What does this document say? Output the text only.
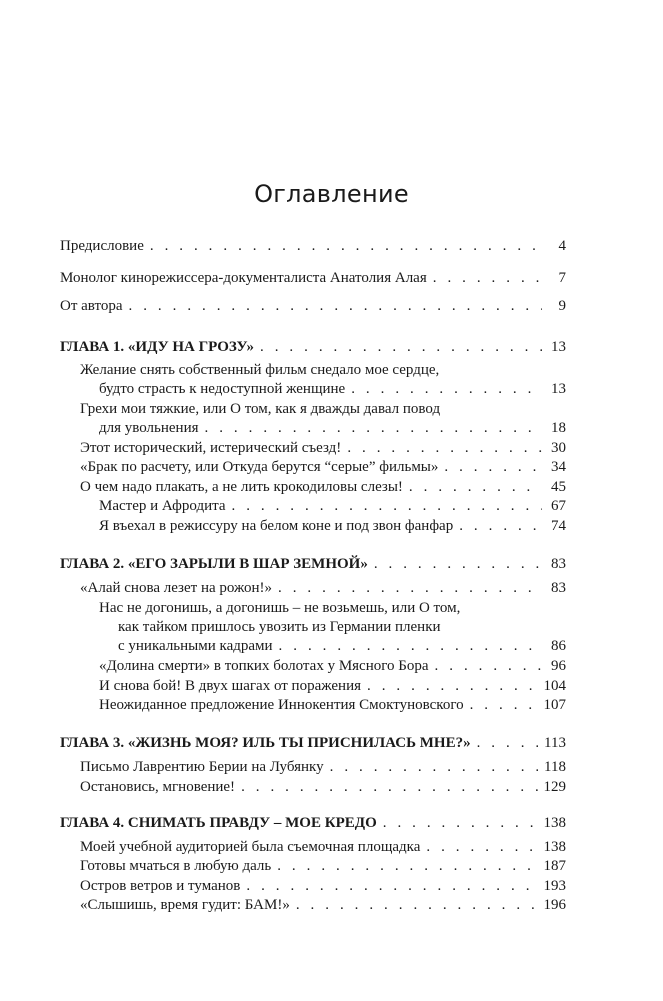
Оглавление
Предисловие . . .	4
Монолог кинорежиссера-документалиста Анатолия Алая . . .	7
От автора . . .	9
ГЛАВА 1. «ИДУ НА ГРОЗУ» . . .	13
Желание снять собственный фильм снедало мое сердце,
будто страсть к недоступной женщине . . .	13
Грехи мои тяжкие, или О том, как я дважды давал повод
для увольнения . . .	18
Этот исторический, истерический съезд! . . .	30
«Брак по расчету, или Откуда берутся “серые” фильмы» . . .	34
О чем надо плакать, а не лить крокодиловы слезы! . . .	45
Мастер и Афродита . . .	67
Я въехал в режиссуру на белом коне и под звон фанфар . . .	74
ГЛАВА 2. «ЕГО ЗАРЫЛИ В ШАР ЗЕМНОЙ» . . .	83
«Алай снова лезет на рожон!» . . .	83
Нас не догонишь, а догонишь – не возьмешь, или О том,
как тайком пришлось увозить из Германии пленки
с уникальными кадрами . . .	86
«Долина смерти» в топких болотах у Мясного Бора . . .	96
И снова бой! В двух шагах от поражения . . .	104
Неожиданное предложение Иннокентия Смоктуновского . . .	107
ГЛАВА 3. «ЖИЗНЬ МОЯ? ИЛЬ ТЫ ПРИСНИЛАСЬ МНЕ?» . . .	113
Письмо Лаврентию Берии на Лубянку . . .	118
Остановись, мгновение! . . .	129
ГЛАВА 4. СНИМАТЬ ПРАВДУ – МОЕ КРЕДО . . .	138
Моей учебной аудиторией была съемочная площадка . . .	138
Готовы мчаться в любую даль . . .	187
Остров ветров и туманов . . .	193
«Слышишь, время гудит: БАМ!» . . .	196
